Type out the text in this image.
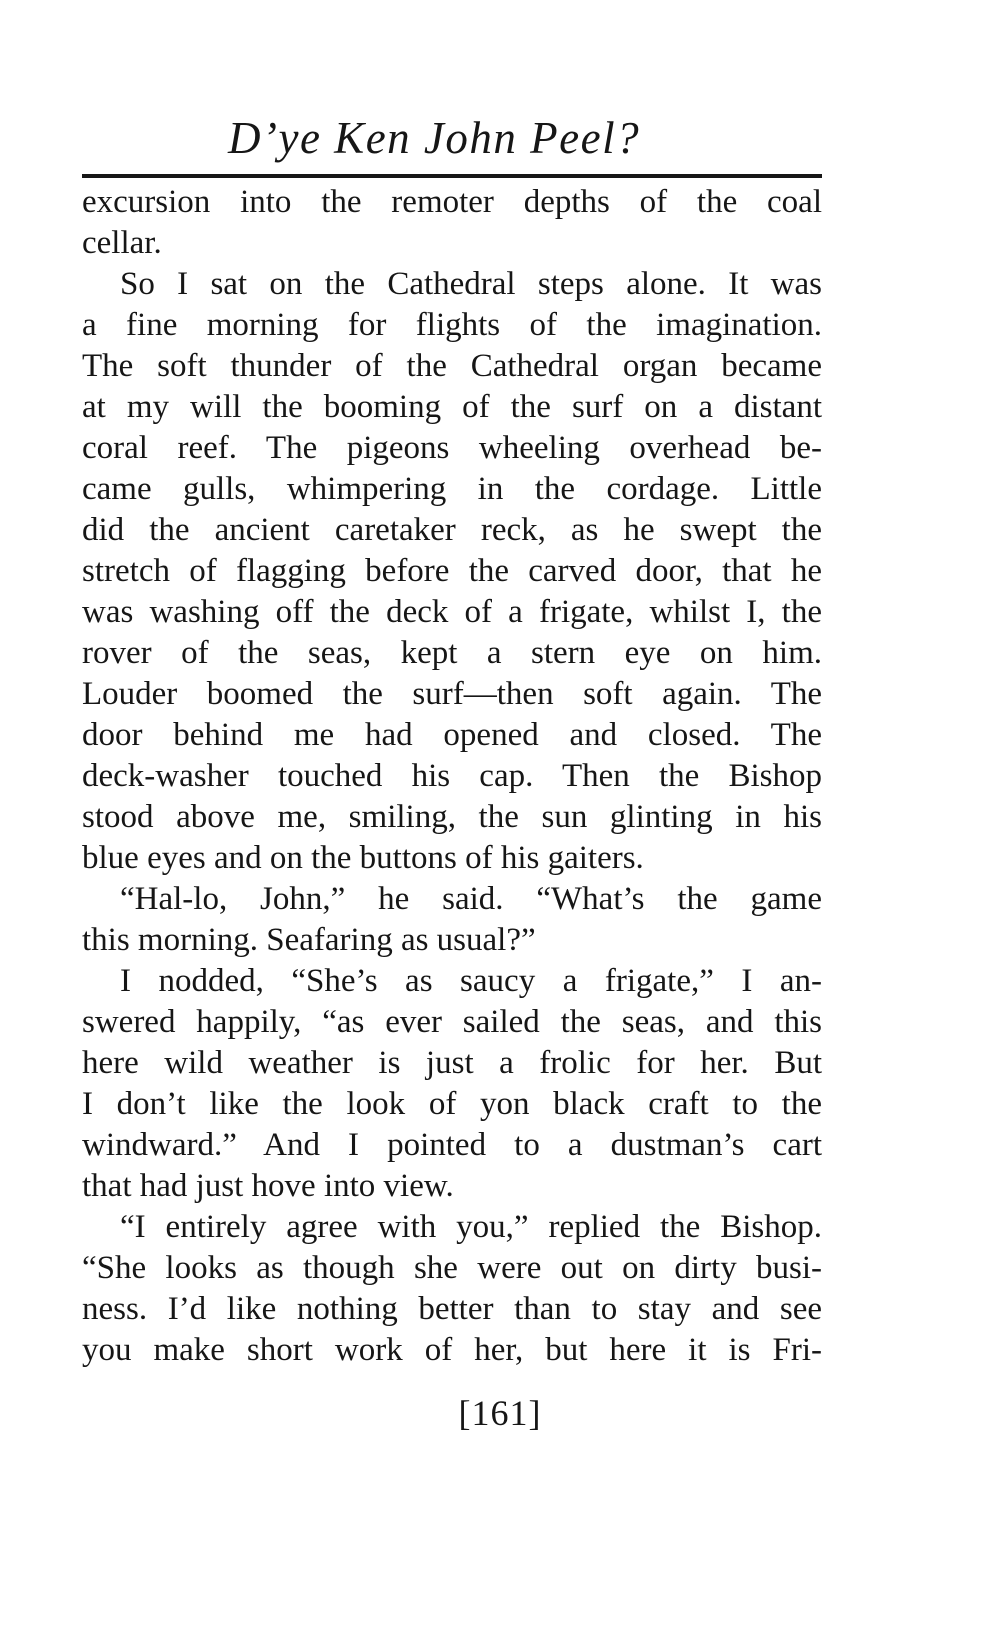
D’ye Ken John Peel?
excursion into the remoter depths of the coal
cellar.
So I sat on the Cathedral steps alone. It was
a fine morning for flights of the imagination.
The soft thunder of the Cathedral organ became
at my will the booming of the surf on a distant
coral reef. The pigeons wheeling overhead be-
came gulls, whimpering in the cordage. Little
did the ancient caretaker reck, as he swept the
stretch of flagging before the carved door, that he
was washing off the deck of a frigate, whilst I, the
rover of the seas, kept a stern eye on him.
Louder boomed the surf—then soft again. The
door behind me had opened and closed. The
deck-washer touched his cap. Then the Bishop
stood above me, smiling, the sun glinting in his
blue eyes and on the buttons of his gaiters.
“Hal-lo, John,” he said. “What’s the game
this morning. Seafaring as usual?”
I nodded, “She’s as saucy a frigate,” I an-
swered happily, “as ever sailed the seas, and this
here wild weather is just a frolic for her. But
I don’t like the look of yon black craft to the
windward.” And I pointed to a dustman’s cart
that had just hove into view.
“I entirely agree with you,” replied the Bishop.
“She looks as though she were out on dirty busi-
ness. I’d like nothing better than to stay and see
you make short work of her, but here it is Fri-
[161]
